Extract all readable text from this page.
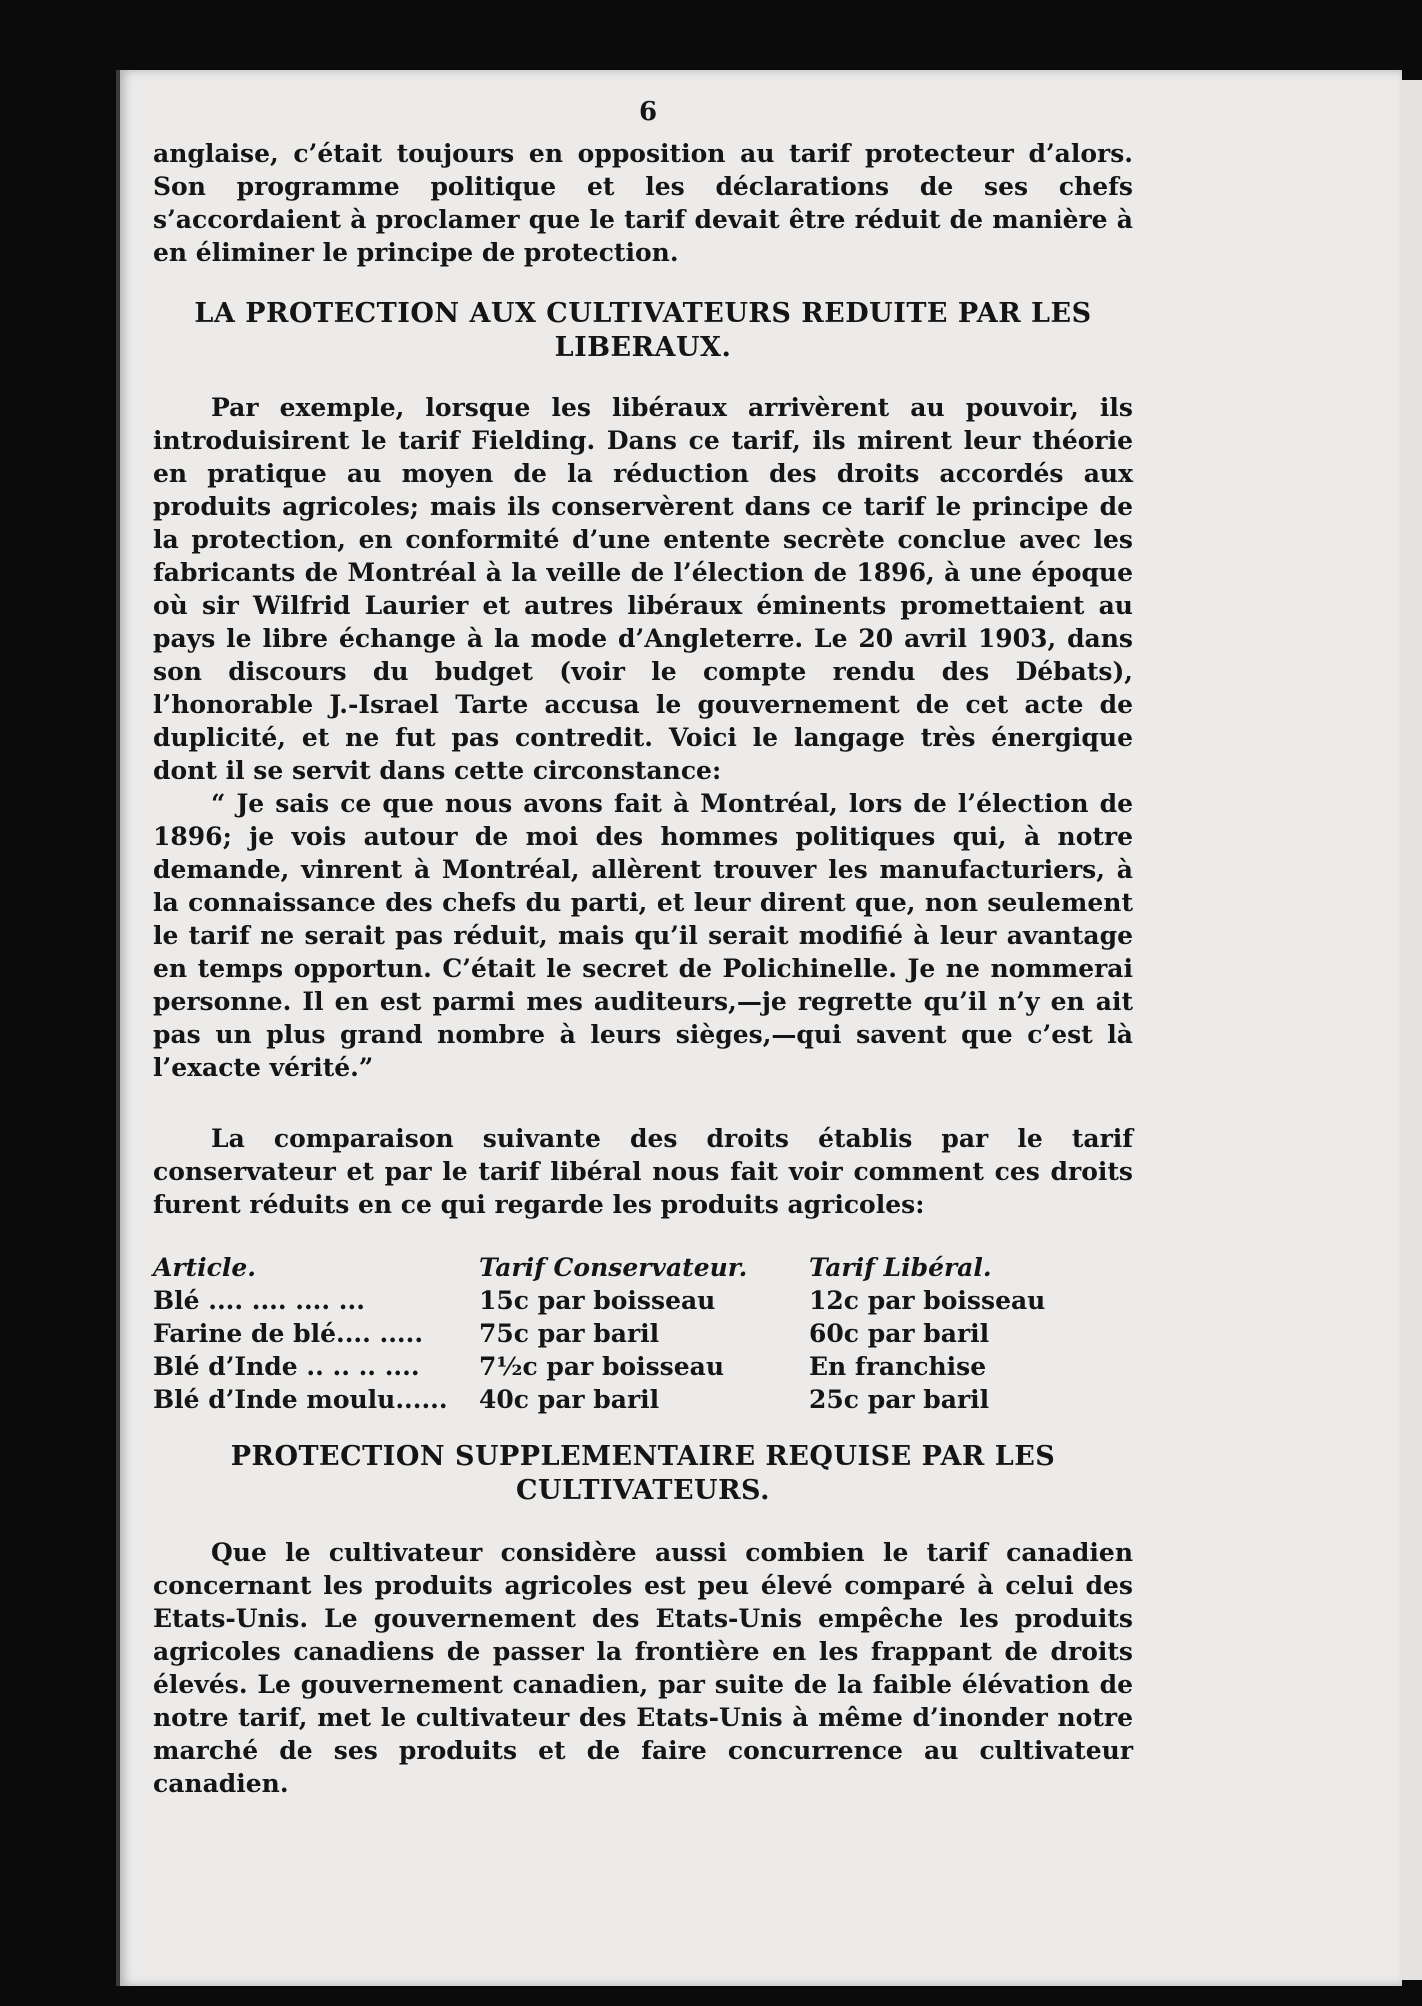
6

anglaise, c’était toujours en opposition au tarif protecteur d’alors. Son programme politique et les déclarations de ses chefs s’accordaient à proclamer que le tarif devait être réduit de manière à en éliminer le principe de protection.

LA PROTECTION AUX CULTIVATEURS REDUITE PAR LES LIBERAUX.

Par exemple, lorsque les libéraux arrivèrent au pouvoir, ils introduisirent le tarif Fielding. Dans ce tarif, ils mirent leur théorie en pratique au moyen de la réduction des droits accordés aux produits agricoles; mais ils conservèrent dans ce tarif le principe de la protection, en conformité d’une entente secrète conclue avec les fabricants de Montréal à la veille de l’élection de 1896, à une époque où sir Wilfrid Laurier et autres libéraux éminents promettaient au pays le libre échange à la mode d’Angleterre. Le 20 avril 1903, dans son discours du budget (voir le compte rendu des Débats), l’honorable J.-Israel Tarte accusa le gouvernement de cet acte de duplicité, et ne fut pas contredit. Voici le langage très énergique dont il se servit dans cette circonstance:

“ Je sais ce que nous avons fait à Montréal, lors de l’élection de 1896; je vois autour de moi des hommes politiques qui, à notre demande, vinrent à Montréal, allèrent trouver les manufacturiers, à la connaissance des chefs du parti, et leur dirent que, non seulement le tarif ne serait pas réduit, mais qu’il serait modifié à leur avantage en temps opportun. C’était le secret de Polichinelle. Je ne nommerai personne. Il en est parmi mes auditeurs,—je regrette qu’il n’y en ait pas un plus grand nombre à leurs sièges,—qui savent que c’est là l’exacte vérité.”

La comparaison suivante des droits établis par le tarif conservateur et par le tarif libéral nous fait voir comment ces droits furent réduits en ce qui regarde les produits agricoles:

Article.	Tarif Conservateur.	Tarif Libéral.
Blé .... .... .... ...	15c par boisseau	12c par boisseau
Farine de blé.... .....	75c par baril	60c par baril
Blé d’Inde .. .. .. ....	7½c par boisseau	En franchise
Blé d’Inde moulu......	40c par baril	25c par baril
PROTECTION SUPPLEMENTAIRE REQUISE PAR LES CULTIVATEURS.

Que le cultivateur considère aussi combien le tarif canadien concernant les produits agricoles est peu élevé comparé à celui des Etats-Unis. Le gouvernement des Etats-Unis empêche les produits agricoles canadiens de passer la frontière en les frappant de droits élevés. Le gouvernement canadien, par suite de la faible élévation de notre tarif, met le cultivateur des Etats-Unis à même d’inonder notre marché de ses produits et de faire concurrence au cultivateur canadien.
